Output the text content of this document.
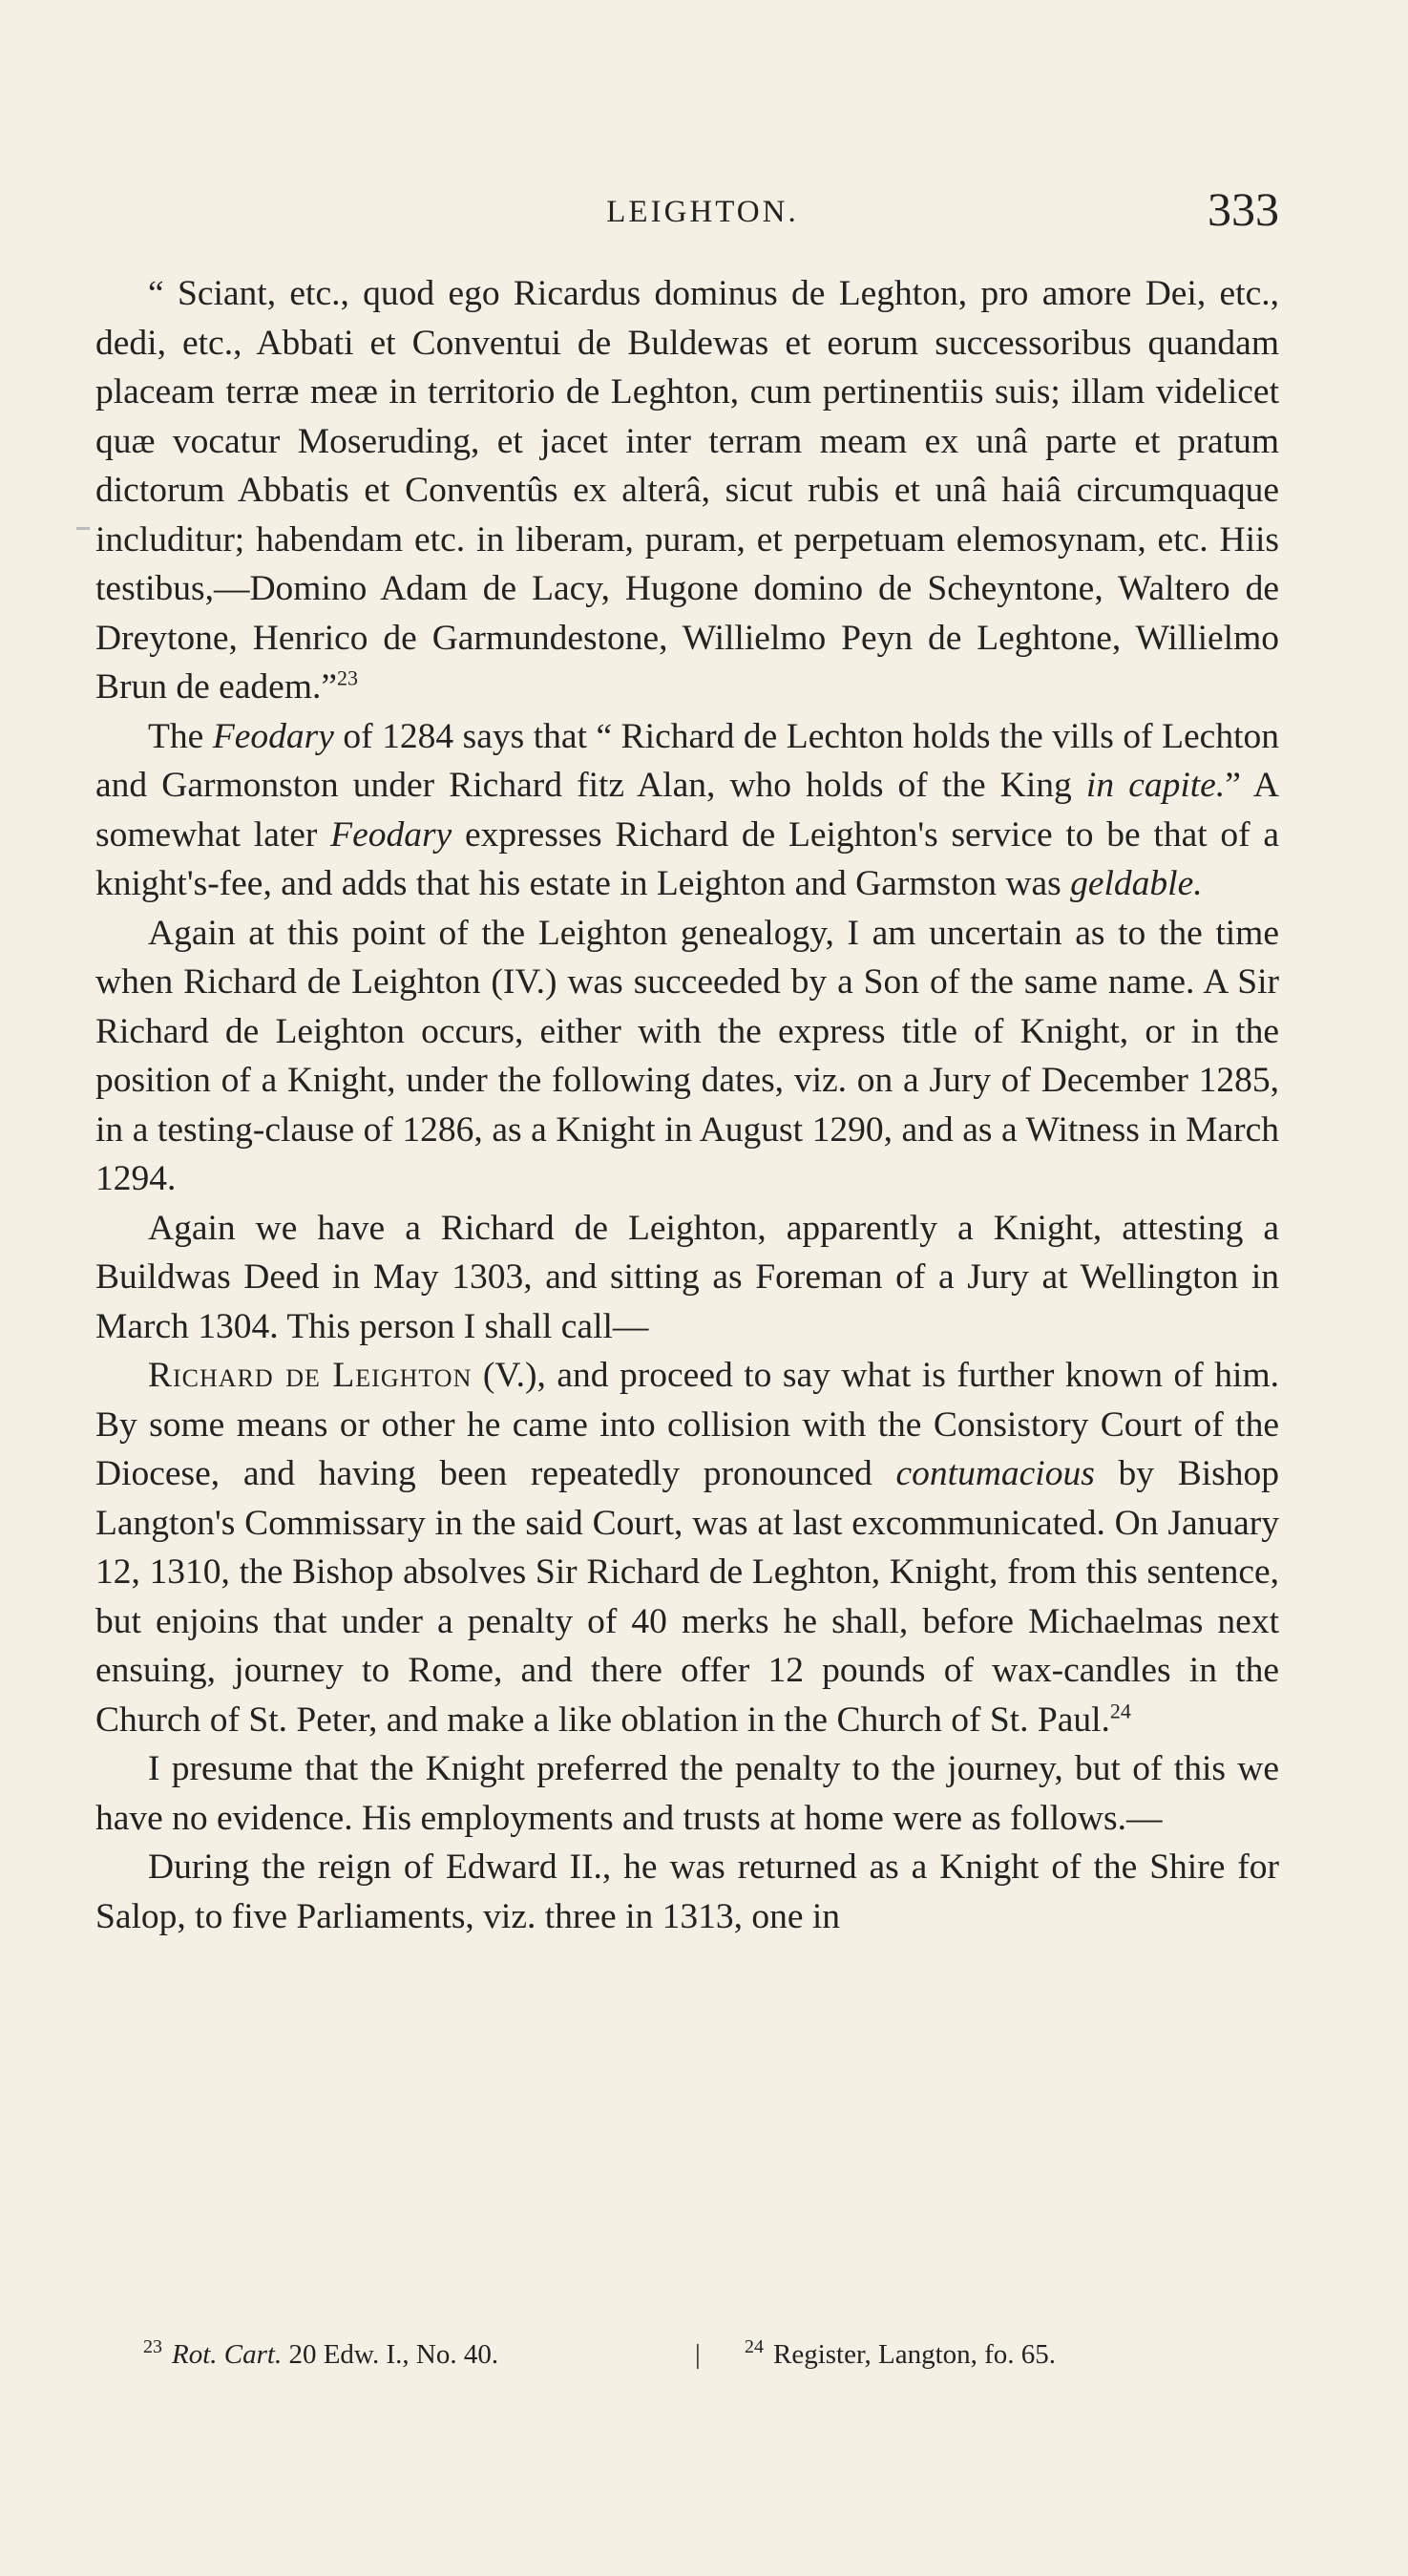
LEIGHTON.	333

“ Sciant, etc., quod ego Ricardus dominus de Leghton, pro amore Dei, etc., dedi, etc., Abbati et Conventui de Buldewas et eorum successoribus quandam placeam terræ meæ in territorio de Leghton, cum pertinentiis suis; illam videlicet quæ vocatur Moseruding, et jacet inter terram meam ex unâ parte et pratum dictorum Abbatis et Conventûs ex alterâ, sicut rubis et unâ haiâ circumquaque includitur; habendam etc. in liberam, puram, et perpetuam elemosynam, etc. Hiis testibus,—Domino Adam de Lacy, Hugone domino de Scheyntone, Waltero de Dreytone, Henrico de Garmundestone, Willielmo Peyn de Leghtone, Willielmo Brun de eadem.”$^{23}$

The Feodary of 1284 says that “ Richard de Lechton holds the vills of Lechton and Garmonston under Richard fitz Alan, who holds of the King in capite.” A somewhat later Feodary expresses Richard de Leighton's service to be that of a knight's-fee, and adds that his estate in Leighton and Garmston was geldable.

Again at this point of the Leighton genealogy, I am uncertain as to the time when Richard de Leighton (IV.) was succeeded by a Son of the same name. A Sir Richard de Leighton occurs, either with the express title of Knight, or in the position of a Knight, under the following dates, viz. on a Jury of December 1285, in a testing-clause of 1286, as a Knight in August 1290, and as a Witness in March 1294.

Again we have a Richard de Leighton, apparently a Knight, attesting a Buildwas Deed in May 1303, and sitting as Foreman of a Jury at Wellington in March 1304. This person I shall call—

Richard de Leighton (V.), and proceed to say what is further known of him. By some means or other he came into collision with the Consistory Court of the Diocese, and having been repeatedly pronounced contumacious by Bishop Langton's Commissary in the said Court, was at last excommunicated. On January 12, 1310, the Bishop absolves Sir Richard de Leghton, Knight, from this sentence, but enjoins that under a penalty of 40 merks he shall, before Michaelmas next ensuing, journey to Rome, and there offer 12 pounds of wax-candles in the Church of St. Peter, and make a like oblation in the Church of St. Paul.$^{24}$

I presume that the Knight preferred the penalty to the journey, but of this we have no evidence. His employments and trusts at home were as follows.—

During the reign of Edward II., he was returned as a Knight of the Shire for Salop, to five Parliaments, viz. three in 1313, one in

$^{23}$ Rot. Cart. 20 Edw. I., No. 40.	| $^{24}$ Register, Langton, fo. 65.
